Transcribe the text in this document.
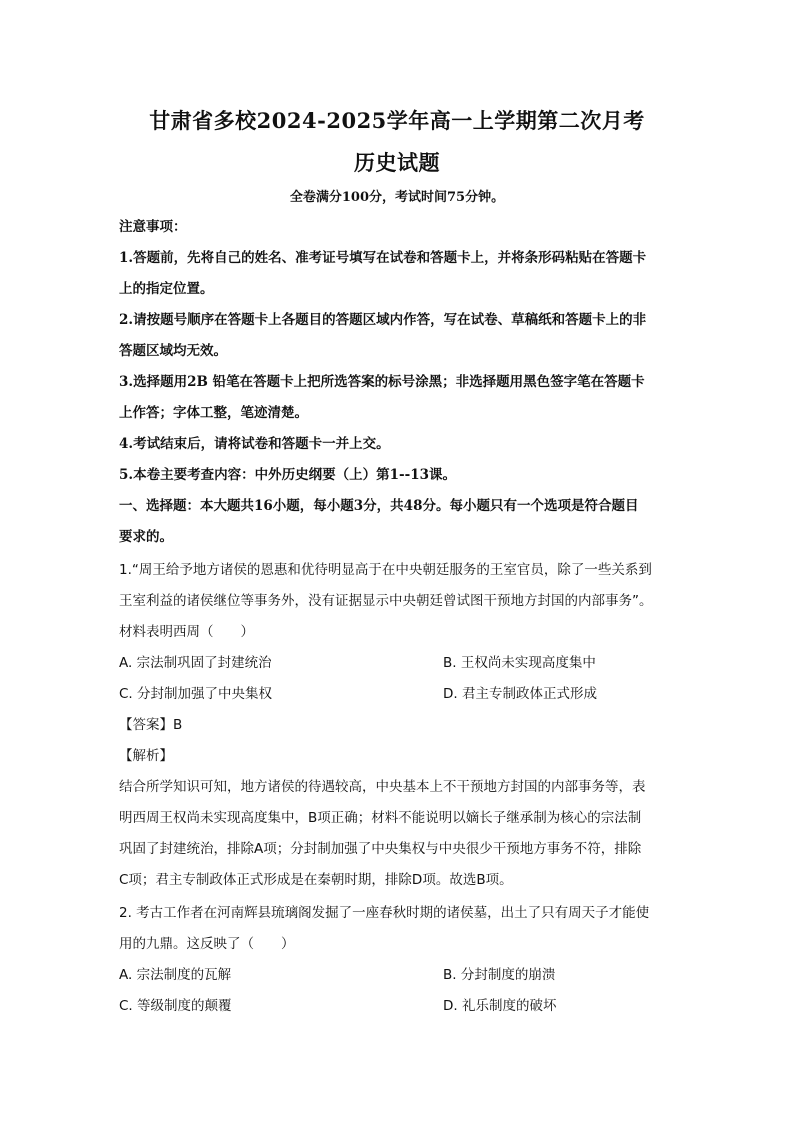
甘肃省多校2024-2025学年高一上学期第二次月考
历史试题
全卷满分100分，考试时间75分钟。
注意事项：
1.答题前，先将自己的姓名、准考证号填写在试卷和答题卡上，并将条形码粘贴在答题卡
上的指定位置。
2.请按题号顺序在答题卡上各题目的答题区域内作答，写在试卷、草稿纸和答题卡上的非
答题区域均无效。
3.选择题用2B 铅笔在答题卡上把所选答案的标号涂黑；非选择题用黑色签字笔在答题卡
上作答；字体工整，笔迹清楚。
4.考试结束后，请将试卷和答题卡一并上交。
5.本卷主要考查内容：中外历史纲要（上）第1--13课。
一、选择题：本大题共16小题，每小题3分，共48分。每小题只有一个选项是符合题目
要求的。
1.“周王给予地方诸侯的恩惠和优待明显高于在中央朝廷服务的王室官员，除了一些关系到
王室利益的诸侯继位等事务外，没有证据显示中央朝廷曾试图干预地方封国的内部事务”。
材料表明西周（　　）
A. 宗法制巩固了封建统治	B. 王权尚未实现高度集中
C. 分封制加强了中央集权	D. 君主专制政体正式形成
【答案】B
【解析】
结合所学知识可知，地方诸侯的待遇较高，中央基本上不干预地方封国的内部事务等，表
明西周王权尚未实现高度集中，B项正确；材料不能说明以嫡长子继承制为核心的宗法制
巩固了封建统治，排除A项；分封制加强了中央集权与中央很少干预地方事务不符，排除
C项；君主专制政体正式形成是在秦朝时期，排除D项。故选B项。
2. 考古工作者在河南辉县琉璃阁发掘了一座春秋时期的诸侯墓，出土了只有周天子才能使
用的九鼎。这反映了（　　）
A. 宗法制度的瓦解	B. 分封制度的崩溃
C. 等级制度的颠覆	D. 礼乐制度的破坏
